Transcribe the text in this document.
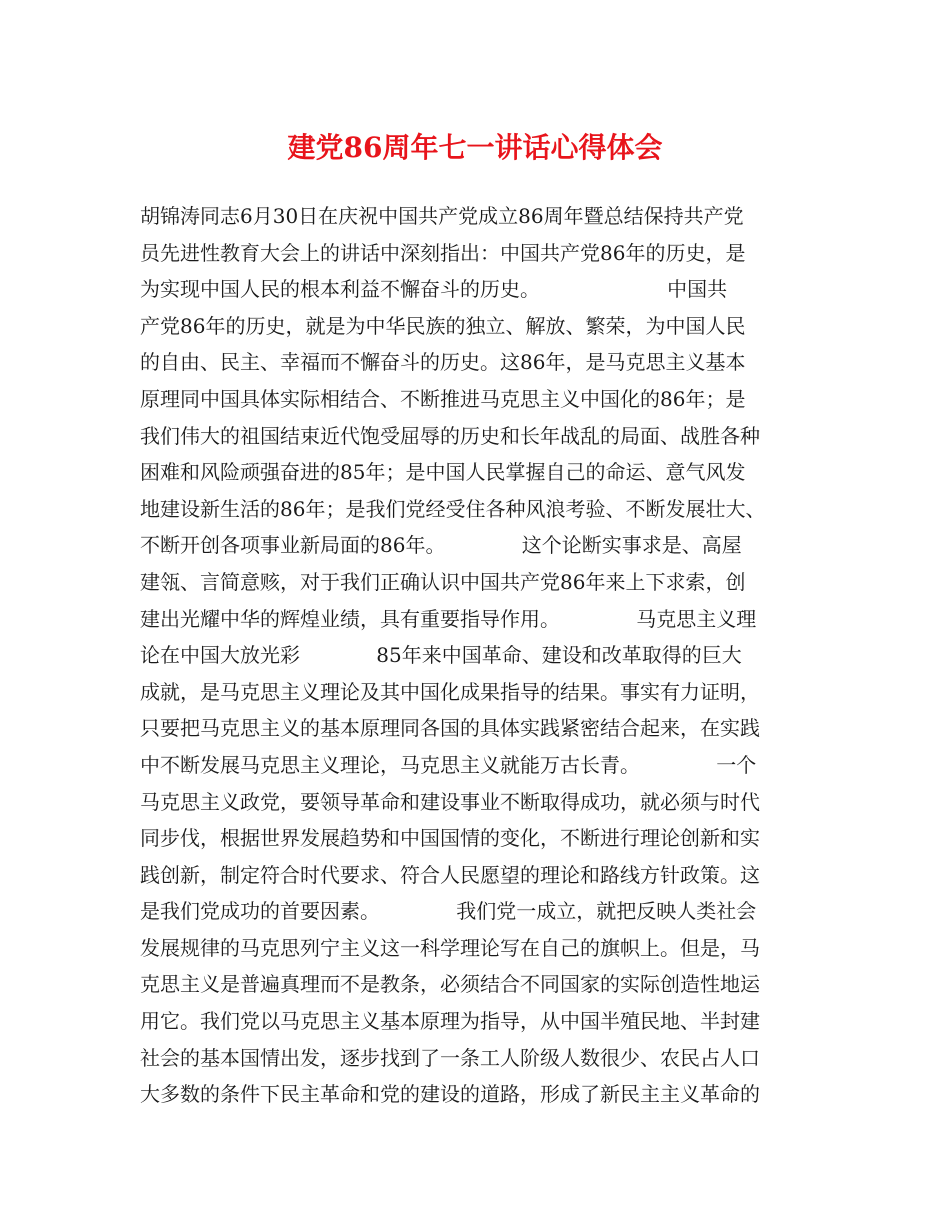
建党86周年七一讲话心得体会
胡锦涛同志6月30日在庆祝中国共产党成立86周年暨总结保持共产党
员先进性教育大会上的讲话中深刻指出：中国共产党86年的历史，是
为实现中国人民的根本利益不懈奋斗的历史。                    中国共
产党86年的历史，就是为中华民族的独立、解放、繁荣，为中国人民
的自由、民主、幸福而不懈奋斗的历史。这86年，是马克思主义基本
原理同中国具体实际相结合、不断推进马克思主义中国化的86年；是
我们伟大的祖国结束近代饱受屈辱的历史和长年战乱的局面、战胜各种
困难和风险顽强奋进的85年；是中国人民掌握自己的命运、意气风发
地建设新生活的86年；是我们党经受住各种风浪考验、不断发展壮大、
不断开创各项事业新局面的86年。            这个论断实事求是、高屋
建瓴、言简意赅，对于我们正确认识中国共产党86年来上下求索，创
建出光耀中华的辉煌业绩，具有重要指导作用。            马克思主义理
论在中国大放光彩            85年来中国革命、建设和改革取得的巨大
成就，是马克思主义理论及其中国化成果指导的结果。事实有力证明，
只要把马克思主义的基本原理同各国的具体实践紧密结合起来，在实践
中不断发展马克思主义理论，马克思主义就能万古长青。            一个
马克思主义政党，要领导革命和建设事业不断取得成功，就必须与时代
同步伐，根据世界发展趋势和中国国情的变化，不断进行理论创新和实
践创新，制定符合时代要求、符合人民愿望的理论和路线方针政策。这
是我们党成功的首要因素。            我们党一成立，就把反映人类社会
发展规律的马克思列宁主义这一科学理论写在自己的旗帜上。但是，马
克思主义是普遍真理而不是教条，必须结合不同国家的实际创造性地运
用它。我们党以马克思主义基本原理为指导，从中国半殖民地、半封建
社会的基本国情出发，逐步找到了一条工人阶级人数很少、农民占人口
大多数的条件下民主革命和党的建设的道路，形成了新民主主义革命的
